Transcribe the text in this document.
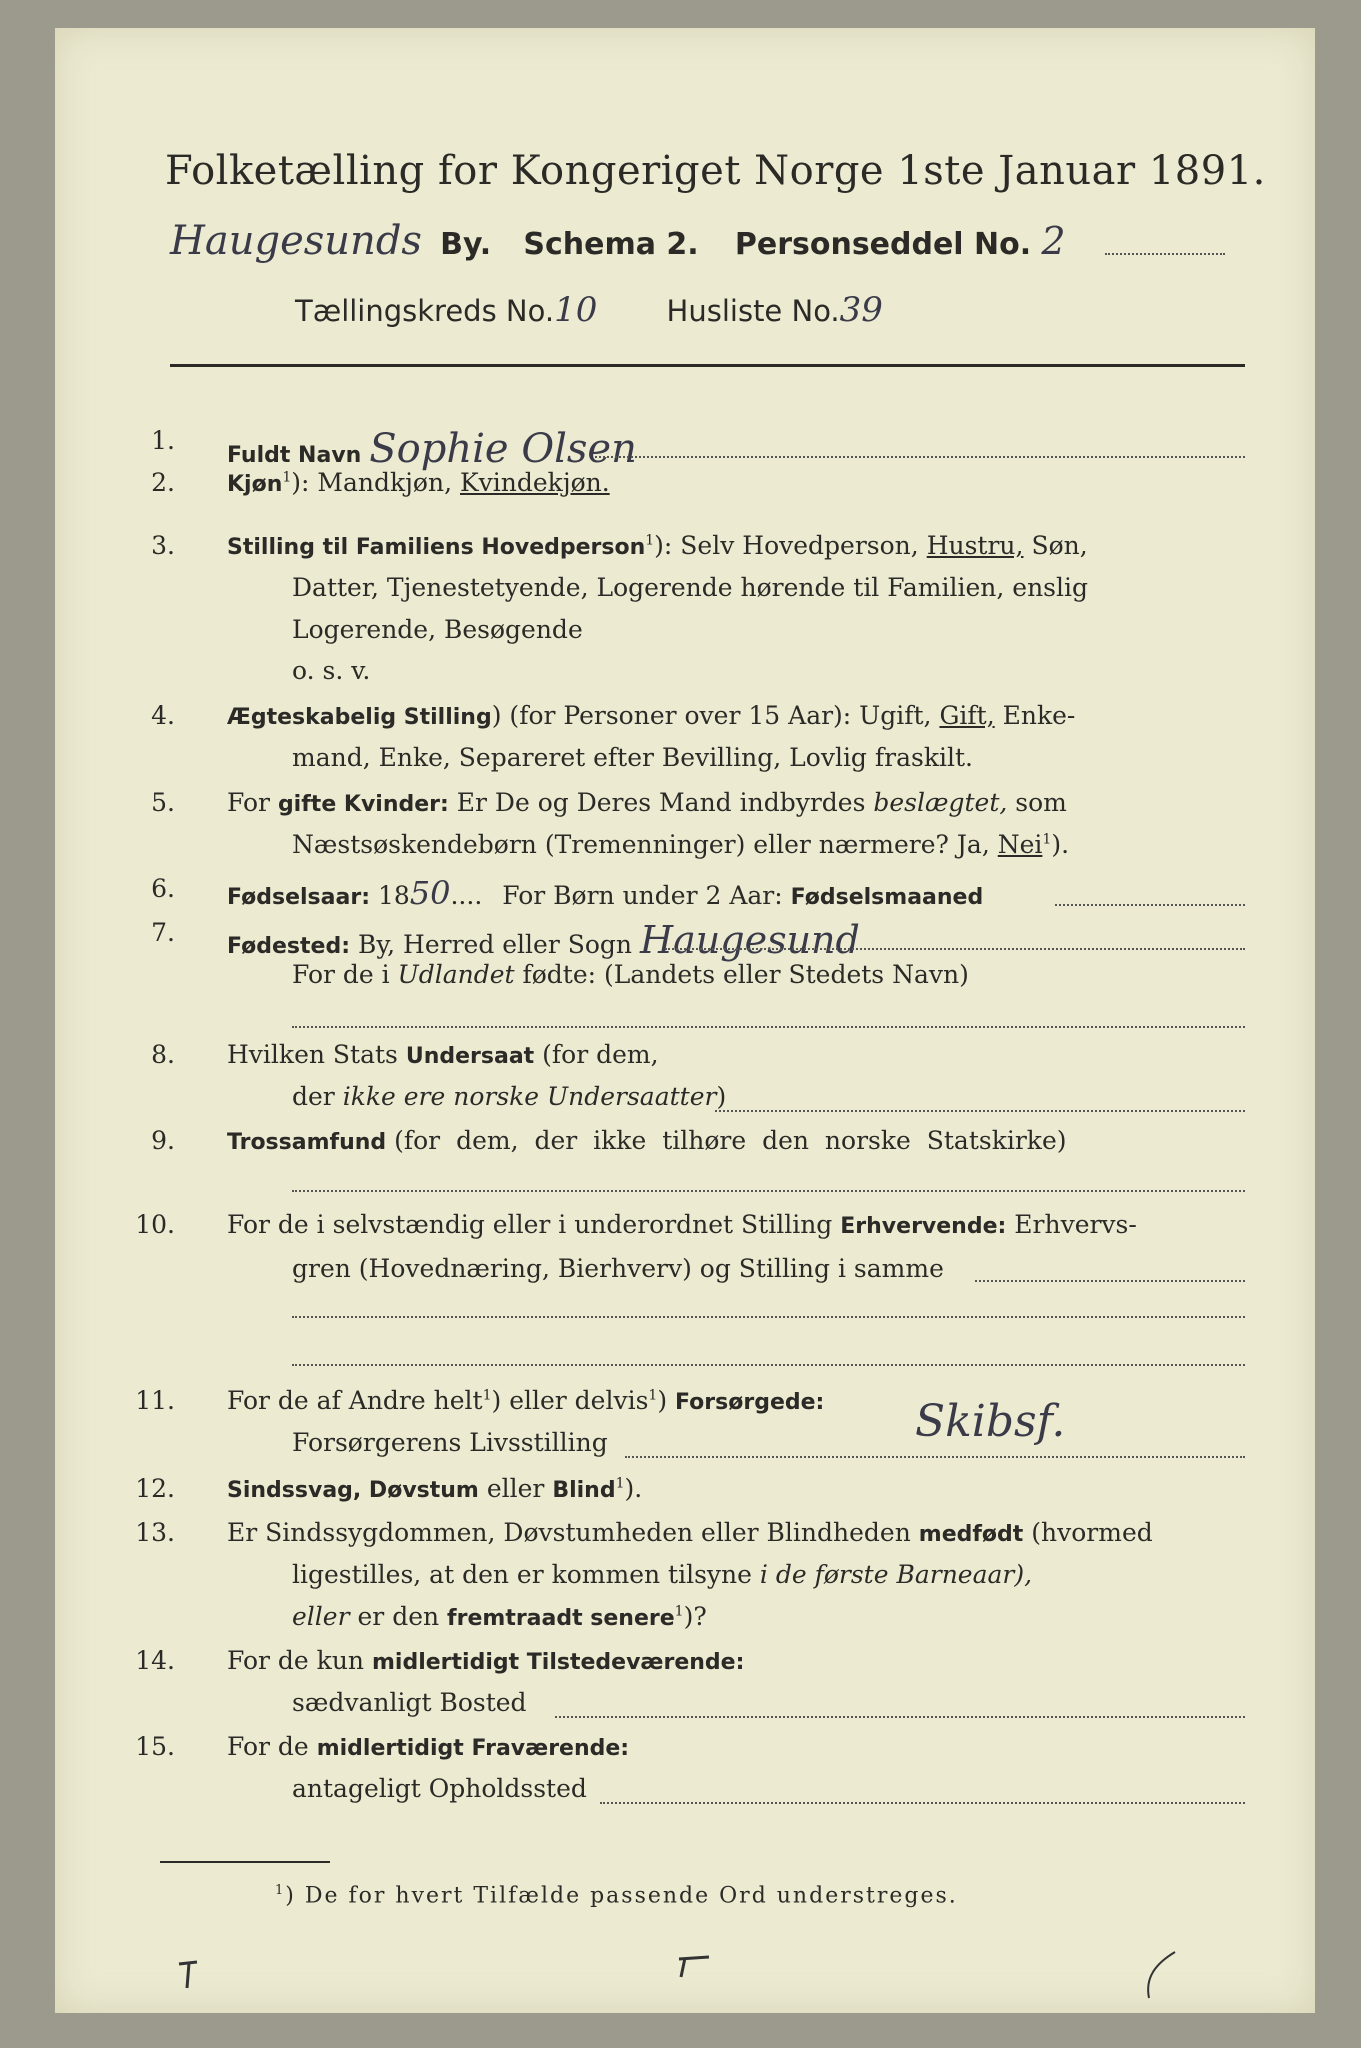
Folketælling for Kongeriget Norge 1ste Januar 1891.
Haugesunds By. Schema 2. Personseddel No. 2
Tællingskreds No.10 Husliste No.39
1.
Fuldt Navn Sophie Olsen
2. Kjøn$^1$): Mandkjøn, Kvindekjøn.
3. Stilling til Familiens Hovedperson$^1$): Selv Hovedperson, Hustru, Søn,
Datter, Tjenestetyende, Logerende hørende til Familien, enslig
Logerende, Besøgende
o. s. v.
4. Ægteskabelig Stilling) (for Personer over 15 Aar): Ugift, Gift, Enke-
mand, Enke, Separeret efter Bevilling, Lovlig fraskilt.
5. For gifte Kvinder: Er De og Deres Mand indbyrdes beslægtet, som
Næstsøskendebørn (Tremenninger) eller nærmere? Ja, Nei$^1$).
6. Fødselsaar: 1850.... For Børn under 2 Aar: Fødselsmaaned
7. Fødested: By, Herred eller Sogn Haugesund
For de i Udlandet fødte: (Landets eller Stedets Navn)
8. Hvilken Stats Undersaat (for dem,
der ikke ere norske Undersaatter)
9. Trossamfund (for dem, der ikke tilhøre den norske Statskirke)
10. For de i selvstændig eller i underordnet Stilling Erhvervende: Erhvervs-
gren (Hovednæring, Bierhverv) og Stilling i samme
11. For de af Andre helt$^1$) eller delvis$^1$) Forsørgede:
Forsørgerens Livsstilling	Skibsf.
12. Sindssvag, Døvstum eller Blind$^1$).
13. Er Sindssygdommen, Døvstumheden eller Blindheden medfødt (hvormed
ligestilles, at den er kommen tilsyne i de første Barneaar),
eller er den fremtraadt senere$^1$)?
14. For de kun midlertidigt Tilstedeværende:
sædvanligt Bosted
15. For de midlertidigt Fraværende:
antageligt Opholdssted
$^1$) De for hvert Tilfælde passende Ord understreges.
